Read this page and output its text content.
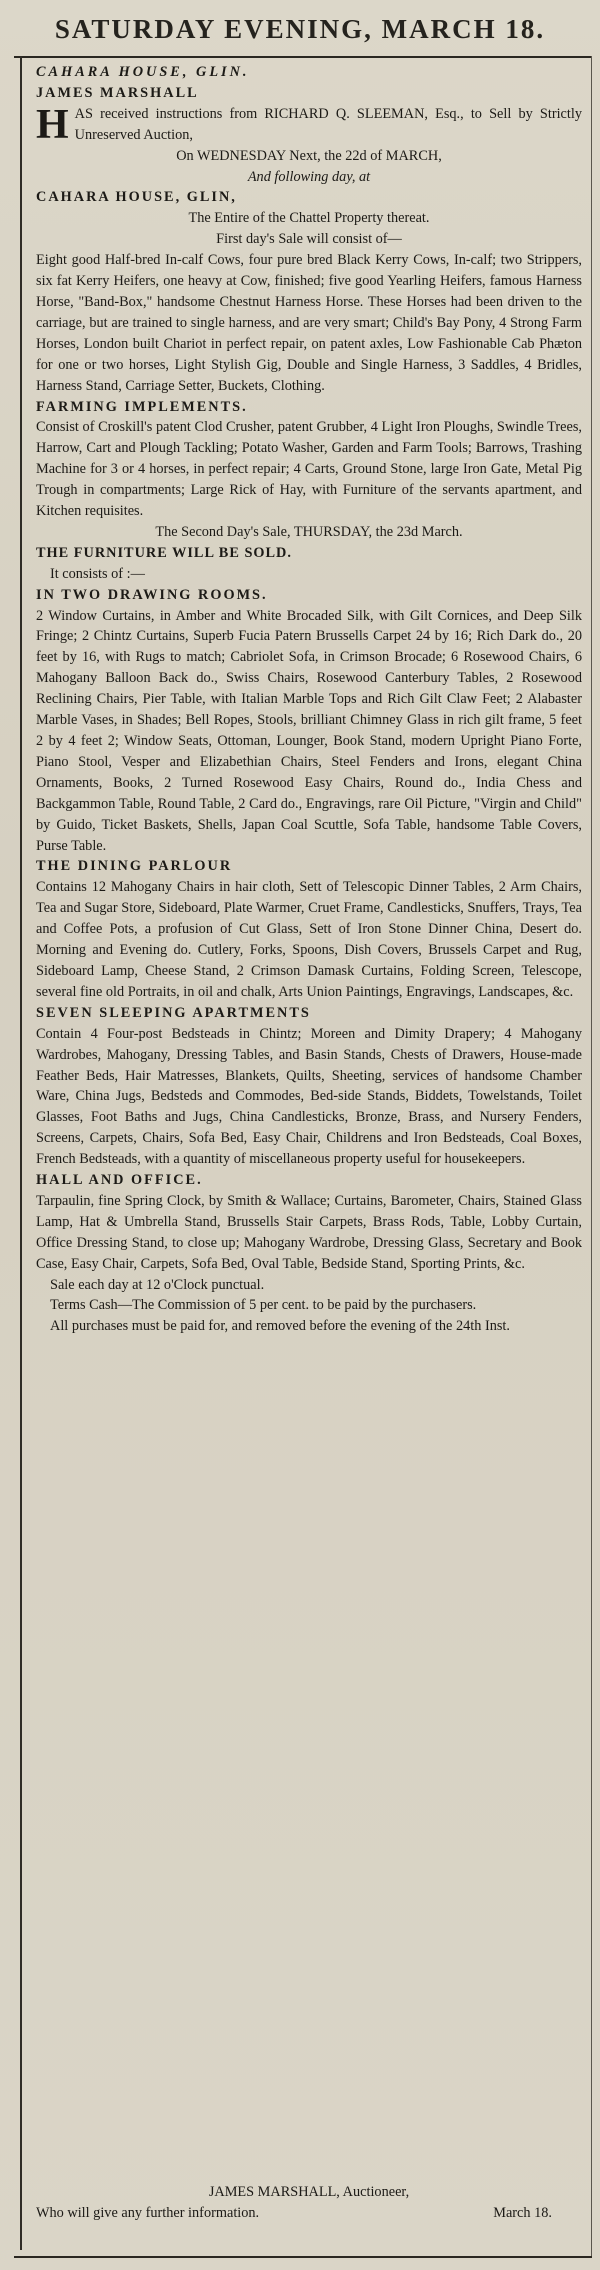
SATURDAY EVENING, MARCH 18.

CAHARA HOUSE, GLIN.

JAMES MARSHALL

HAS received instructions from RICHARD Q. SLEEMAN, Esq., to Sell by Strictly Unreserved Auction,

On WEDNESDAY Next, the 22d of MARCH,

And following day, at

CAHARA HOUSE, GLIN,

The Entire of the Chattel Property thereat.

First day's Sale will consist of—

Eight good Half-bred In-calf Cows, four pure bred Black Kerry Cows, In-calf; two Strippers, six fat Kerry Heifers, one heavy at Cow, finished; five good Yearling Heifers, famous Harness Horse, "Band-Box," handsome Chestnut Harness Horse. These Horses had been driven to the carriage, but are trained to single harness, and are very smart; Child's Bay Pony, 4 Strong Farm Horses, London built Chariot in perfect repair, on patent axles, Low Fashionable Cab Phæton for one or two horses, Light Stylish Gig, Double and Single Harness, 3 Saddles, 4 Bridles, Harness Stand, Carriage Setter, Buckets, Clothing.

FARMING IMPLEMENTS.

Consist of Croskill's patent Clod Crusher, patent Grubber, 4 Light Iron Ploughs, Swindle Trees, Harrow, Cart and Plough Tackling; Potato Washer, Garden and Farm Tools; Barrows, Trashing Machine for 3 or 4 horses, in perfect repair; 4 Carts, Ground Stone, large Iron Gate, Metal Pig Trough in compartments; Large Rick of Hay, with Furniture of the servants apartment, and Kitchen requisites.

The Second Day's Sale, THURSDAY, the 23d March.

THE FURNITURE WILL BE SOLD.

It consists of :—

IN TWO DRAWING ROOMS.

2 Window Curtains, in Amber and White Brocaded Silk, with Gilt Cornices, and Deep Silk Fringe; 2 Chintz Curtains, Superb Fucia Patern Brussells Carpet 24 by 16; Rich Dark do., 20 feet by 16, with Rugs to match; Cabriolet Sofa, in Crimson Brocade; 6 Rosewood Chairs, 6 Mahogany Balloon Back do., Swiss Chairs, Rosewood Canterbury Tables, 2 Rosewood Reclining Chairs, Pier Table, with Italian Marble Tops and Rich Gilt Claw Feet; 2 Alabaster Marble Vases, in Shades; Bell Ropes, Stools, brilliant Chimney Glass in rich gilt frame, 5 feet 2 by 4 feet 2; Window Seats, Ottoman, Lounger, Book Stand, modern Upright Piano Forte, Piano Stool, Vesper and Elizabethian Chairs, Steel Fenders and Irons, elegant China Ornaments, Books, 2 Turned Rosewood Easy Chairs, Round do., India Chess and Backgammon Table, Round Table, 2 Card do., Engravings, rare Oil Picture, "Virgin and Child" by Guido, Ticket Baskets, Shells, Japan Coal Scuttle, Sofa Table, handsome Table Covers, Purse Table.

THE DINING PARLOUR

Contains 12 Mahogany Chairs in hair cloth, Sett of Telescopic Dinner Tables, 2 Arm Chairs, Tea and Sugar Store, Sideboard, Plate Warmer, Cruet Frame, Candlesticks, Snuffers, Trays, Tea and Coffee Pots, a profusion of Cut Glass, Sett of Iron Stone Dinner China, Desert do. Morning and Evening do. Cutlery, Forks, Spoons, Dish Covers, Brussels Carpet and Rug, Sideboard Lamp, Cheese Stand, 2 Crimson Damask Curtains, Folding Screen, Telescope, several fine old Portraits, in oil and chalk, Arts Union Paintings, Engravings, Landscapes, &c.

SEVEN SLEEPING APARTMENTS

Contain 4 Four-post Bedsteads in Chintz; Moreen and Dimity Drapery; 4 Mahogany Wardrobes, Mahogany, Dressing Tables, and Basin Stands, Chests of Drawers, House-made Feather Beds, Hair Matresses, Blankets, Quilts, Sheeting, services of handsome Chamber Ware, China Jugs, Bedsteds and Commodes, Bed-side Stands, Biddets, Towelstands, Toilet Glasses, Foot Baths and Jugs, China Candlesticks, Bronze, Brass, and Nursery Fenders, Screens, Carpets, Chairs, Sofa Bed, Easy Chair, Childrens and Iron Bedsteads, Coal Boxes, French Bedsteads, with a quantity of miscellaneous property useful for housekeepers.

HALL AND OFFICE.

Tarpaulin, fine Spring Clock, by Smith & Wallace; Curtains, Barometer, Chairs, Stained Glass Lamp, Hat & Umbrella Stand, Brussells Stair Carpets, Brass Rods, Table, Lobby Curtain, Office Dressing Stand, to close up; Mahogany Wardrobe, Dressing Glass, Secretary and Book Case, Easy Chair, Carpets, Sofa Bed, Oval Table, Bedside Stand, Sporting Prints, &c.

Sale each day at 12 o'Clock punctual.

Terms Cash—The Commission of 5 per cent. to be paid by the purchasers.

All purchases must be paid for, and removed before the evening of the 24th Inst.

JAMES MARSHALL, Auctioneer,

Who will give any further information.	March 18.
